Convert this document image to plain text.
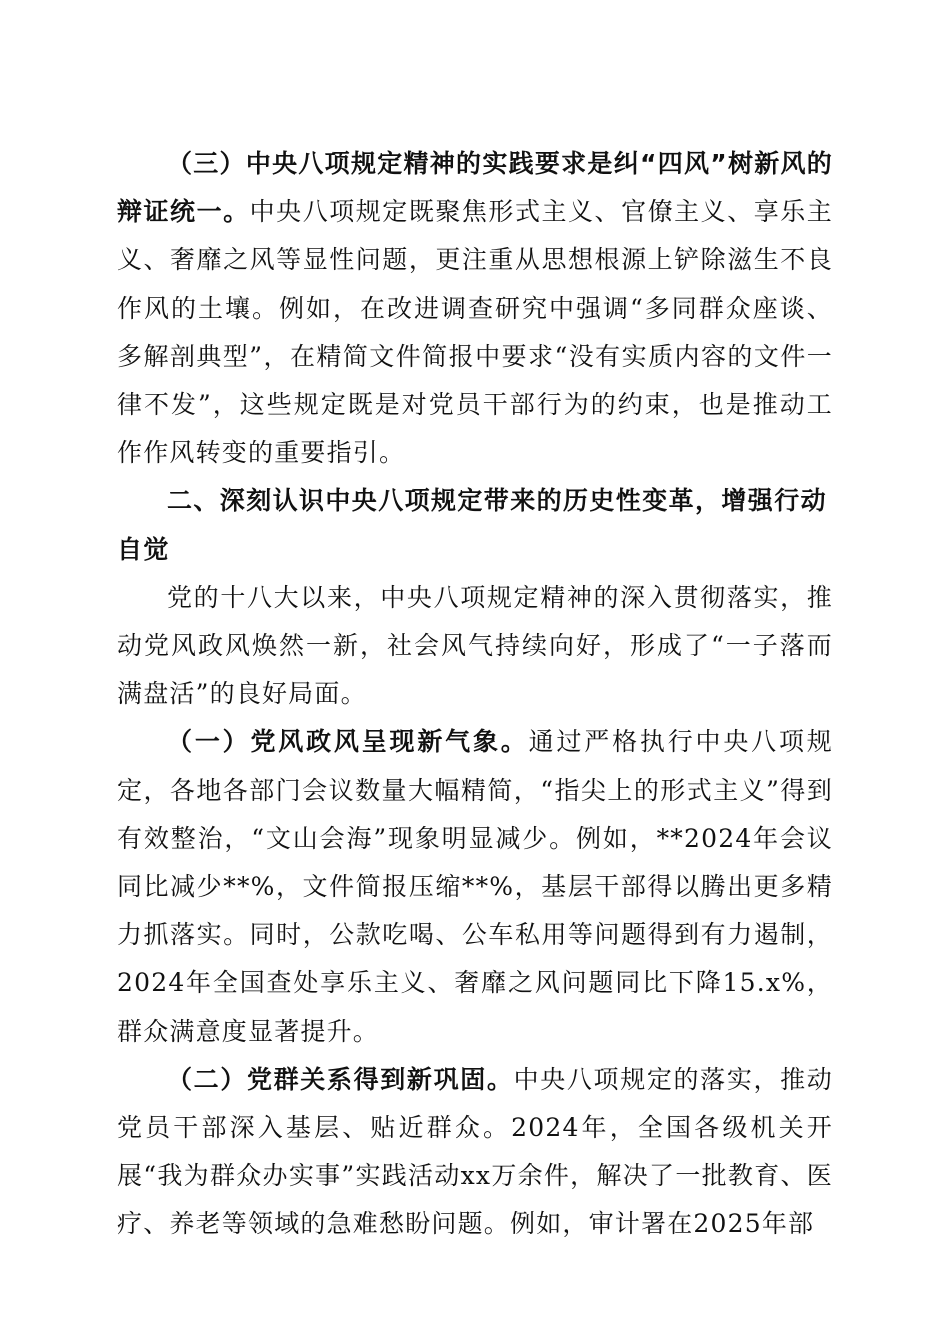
（三）中央八项规定精神的实践要求是纠“四风”树新风的辩证统一。中央八项规定既聚焦形式主义、官僚主义、享乐主义、奢靡之风等显性问题，更注重从思想根源上铲除滋生不良作风的土壤。例如，在改进调查研究中强调“多同群众座谈、多解剖典型”，在精简文件简报中要求“没有实质内容的文件一律不发”，这些规定既是对党员干部行为的约束，也是推动工作作风转变的重要指引。

二、深刻认识中央八项规定带来的历史性变革，增强行动自觉

党的十八大以来，中央八项规定精神的深入贯彻落实，推动党风政风焕然一新，社会风气持续向好，形成了“一子落而满盘活”的良好局面。

（一）党风政风呈现新气象。通过严格执行中央八项规定，各地各部门会议数量大幅精简，“指尖上的形式主义”得到有效整治，“文山会海”现象明显减少。例如，**2024年会议同比减少**%，文件简报压缩**%，基层干部得以腾出更多精力抓落实。同时，公款吃喝、公车私用等问题得到有力遏制，2024年全国查处享乐主义、奢靡之风问题同比下降15.x%，群众满意度显著提升。

（二）党群关系得到新巩固。中央八项规定的落实，推动党员干部深入基层、贴近群众。2024年，全国各级机关开展“我为群众办实事”实践活动xx万余件，解决了一批教育、医疗、养老等领域的急难愁盼问题。例如，审计署在2025年部
